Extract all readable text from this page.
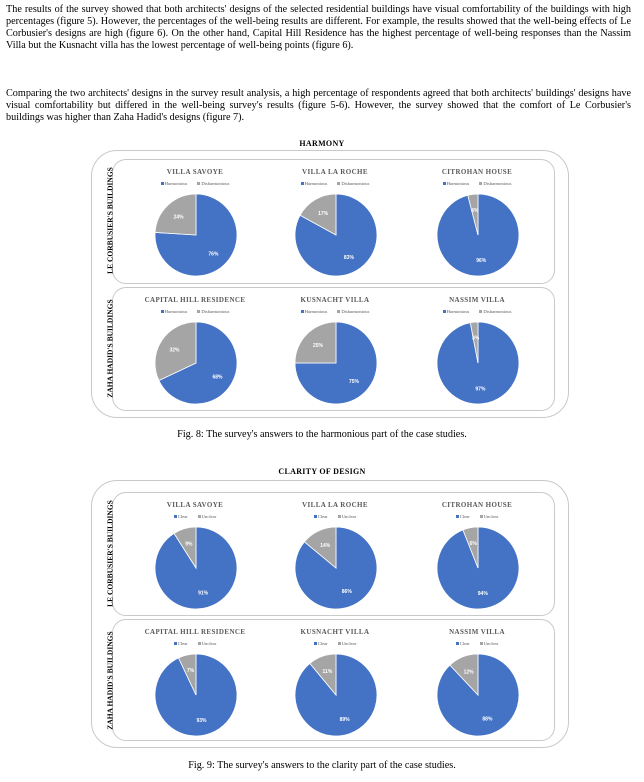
The results of the survey showed that both architects' designs of the selected residential buildings have visual comfortability of the buildings with high percentages (figure 5). However, the percentages of the well-being results are different. For example, the results showed that the well-being effects of Le Corbusier's designs are high (figure 6). On the other hand, Capital Hill Residence has the highest percentage of well-being responses than the Nassim Villa but the Kusnacht villa has the lowest percentage of well-being points (figure 6).

Comparing the two architects' designs in the survey result analysis, a high percentage of respondents agreed that both architects' buildings' designs have visual comfortability but differed in the well-being survey's results (figure 5-6). However, the survey showed that the comfort of Le Corbusier's buildings was higher than Zaha Hadid's designs (figure 7).

HARMONY
LE CORBUSIER'S BUILDINGS	VILLA SAVOYE
Harmonious	Disharmonious
76%
24%
VILLA LA ROCHE
Harmonious	Disharmonious
83%
17%
CITROHAN HOUSE
Harmonious	Disharmonious
96%
4%
ZAHA HADID'S BUILDINGS	CAPITAL HILL RESIDENCE
Harmonious	Disharmonious
68%
32%
KUSNACHT VILLA
Harmonious	Disharmonious
75%
25%
NASSIM VILLA
Harmonious	Disharmonious
97%
3%
Fig. 8: The survey's answers to the harmonious part of the case studies.
CLARITY OF DESIGN
LE CORBUSIER'S BUILDINGS	VILLA SAVOYE
Clear	Unclear
91%
9%
VILLA LA ROCHE
Clear	Unclear
86%
14%
CITROHAN HOUSE
Clear	Unclear
94%
6%
ZAHA HADID'S BUILDINGS	CAPITAL HILL RESIDENCE
Clear	Unclear
93%
7%
KUSNACHT VILLA
Clear	Unclear
89%
11%
NASSIM VILLA
Clear	Unclear
88%
12%
Fig. 9: The survey's answers to the clarity part of the case studies.
